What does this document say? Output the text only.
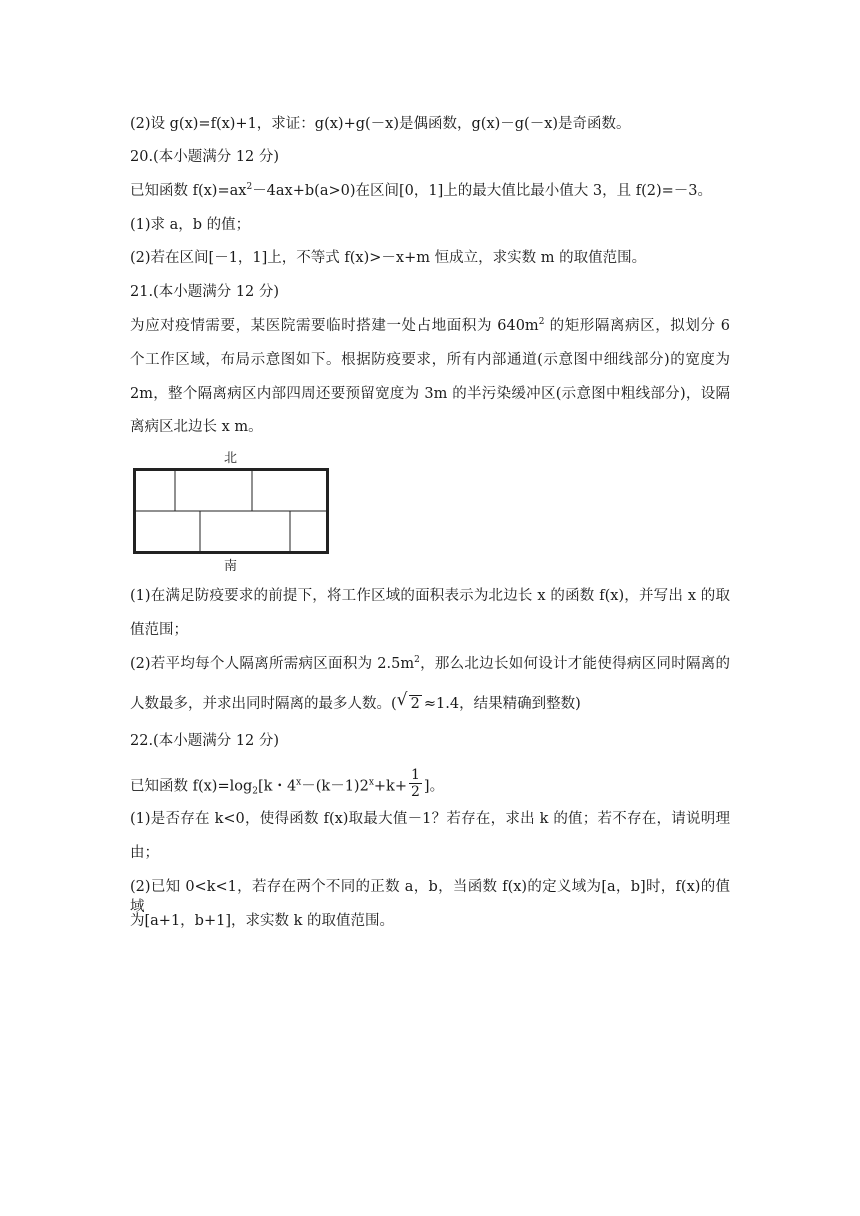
(2)设 g(x)=f(x)+1，求证：g(x)+g(－x)是偶函数，g(x)－g(－x)是奇函数。
20.(本小题满分 12 分)
已知函数 $f(x)=ax^2-4ax+b(a>0)$在区间[0，1]上的最大值比最小值大 3，且 f(2)=－3。
(1)求 a，b 的值；
(2)若在区间[－1，1]上，不等式 f(x)>－x+m 恒成立，求实数 m 的取值范围。
21.(本小题满分 12 分)
为应对疫情需要，某医院需要临时搭建一处占地面积为 $640m^2$ 的矩形隔离病区，拟划分 6
个工作区域，布局示意图如下。根据防疫要求，所有内部通道(示意图中细线部分)的宽度为
2m，整个隔离病区内部四周还要预留宽度为 3m 的半污染缓冲区(示意图中粗线部分)，设隔
离病区北边长 x m。
北
南
(1)在满足防疫要求的前提下，将工作区域的面积表示为北边长 x 的函数 f(x)，并写出 x 的取
值范围；
(2)若平均每个人隔离所需病区面积为 $2.5m^2$，那么北边长如何设计才能使得病区同时隔离的
人数最多，并求出同时隔离的最多人数。( √ 2 ≈1.4，结果精确到整数)
22.(本小题满分 12 分)
已知函数 $f(x)=\log_2[k$・$4^x-(k-1)2^x+k+ \frac{1}{2}$ ]。
(1)是否存在 k<0，使得函数 f(x)取最大值－1？若存在，求出 k 的值；若不存在，请说明理
由；
(2)已知 0<k<1，若存在两个不同的正数 a，b，当函数 f(x)的定义域为[a，b]时，f(x)的值域
为[a+1，b+1]，求实数 k 的取值范围。
